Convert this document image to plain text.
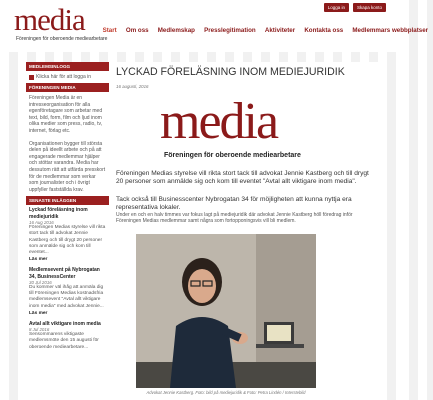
media
Föreningen för oberoende mediearbetare
Start	Om oss	Medlemskap	Presslegitimation	Aktiviteter	Kontakta oss	Medlemmars webbplatser
Logga in	Skapa konto
MEDLEMSINLOGG
Klicka här för att logga in
FÖRENINGEN MEDIA
Föreningen Media är en intresseorganisation för alla egenföretagare som arbetar med text, bild, form, film och ljud inom olika medier som press, radio, tv, internet, förlag etc.
Organisationen bygger till största delen på ideellt arbete och på att engagerade medlemmar hjälper och stöttar varandra. Media har dessutom rätt att utfärda presskort för de medlemmar som verkar som journalister och i övrigt uppfyller fastställda krav.
SENASTE INLÄGGEN
Lyckad föreläsning inom mediejuridik
16 Aug 2016
Föreningen Medias styrelse vill rikta stort tack till advokat Jennie Kastberg och till drygt 20 personer som anmälde sig och kom till eventet...
Läs mer
Medlemsevent på Nybrogatan 34, BusinessCenter
30 Jul 2016
Du kommer väl ihåg att anmäla dig till Föreningen Medias kostnadsfria medlemsevent "Avtal allt viktigare inom media" med advokat Jennie...
Läs mer
Avtal allt viktigare inom media
8 Jul 2016
Sensommarens viktigaste medlemsmöte den 15 augusti för oberoende mediearbetare...
LYCKAD FÖRELÄSNING INOM MEDIEJURIDIK
16 augusti, 2016
media
Föreningen för oberoende mediearbetare
Föreningen Medias styrelse vill rikta stort tack till advokat Jennie Kastberg och till drygt 20 personer som anmälde sig och kom till eventet "Avtal allt viktigare inom media".
Tack också till Businesscenter Nybrogatan 34 för möjligheten att kunna nyttja era representativa lokaler.
Under en och en halv timmes var fokus lagt på mediejuridik där advokat Jennie Kastberg höll föredrag inför Föreningen Medias medlemmar samt några som fortopponingsvis vill bli medlem.
Advokat Jennie Kastberg. Foto: bild på mediejuridik & Foto: Petra Lindén / Interstebild
